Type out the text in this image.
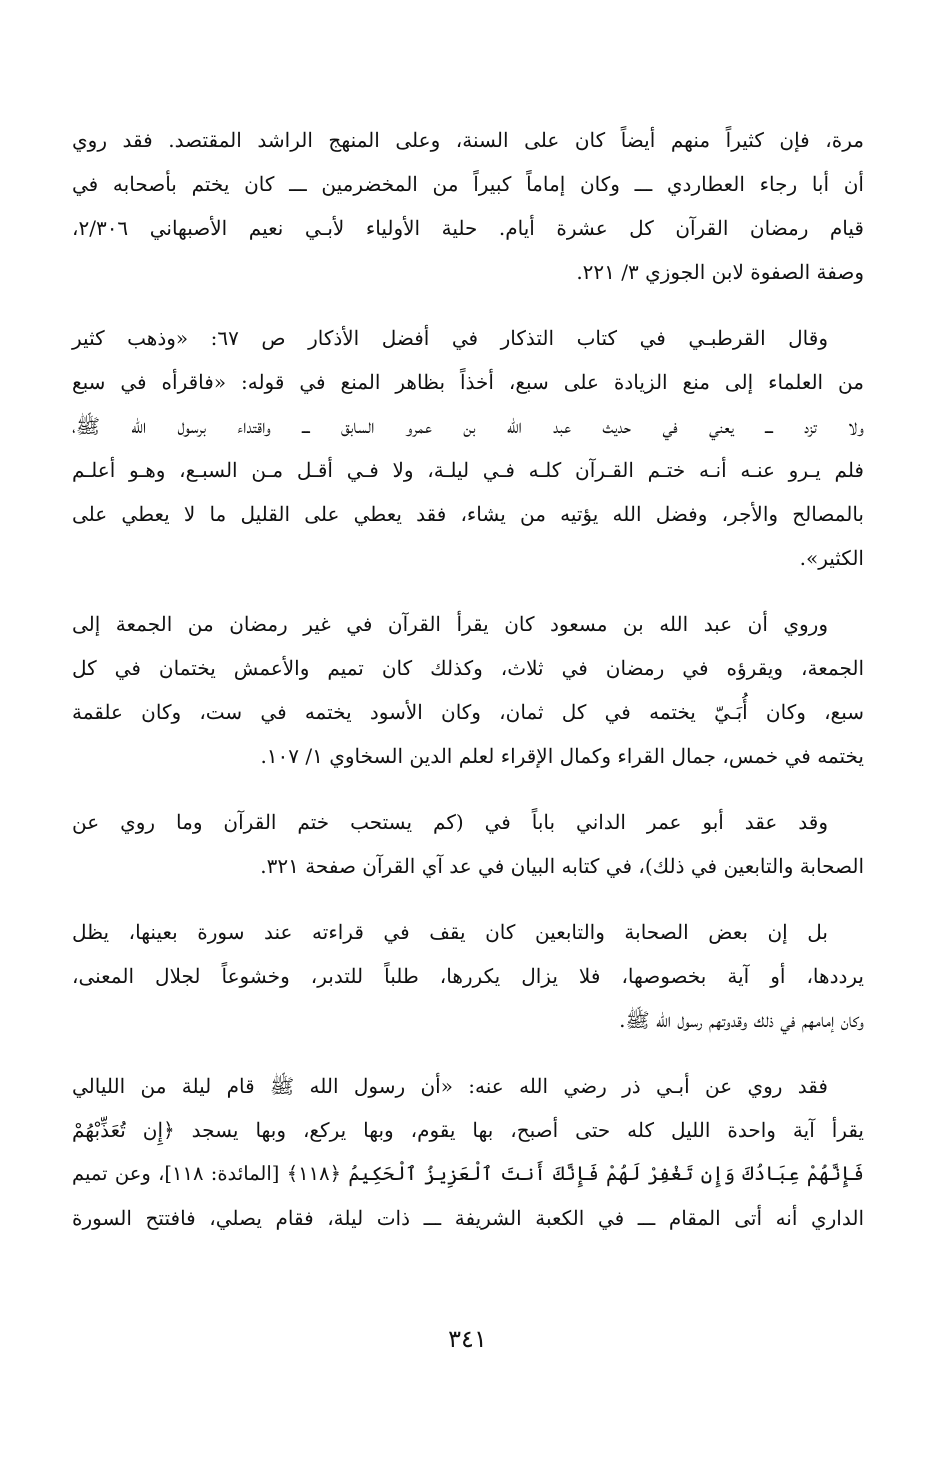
مرة، فإن كثيراً منهم أيضاً كان على السنة، وعلى المنهج الراشد المقتصد. فقد روي
أن أبا رجاء العطاردي ـــ وكان إماماً كبيراً من المخضرمين ـــ كان يختم بأصحابه في
قيام رمضان القرآن كل عشرة أيام. حلية الأولياء لأبـي نعيم الأصبهاني ٢/٣٠٦،
وصفة الصفوة لابن الجوزي ٣/ ٢٢١.
وقال القرطبـي في كتاب التذكار في أفضل الأذكار ص ٦٧: «وذهب كثير
من العلماء إلى منع الزيادة على سبع، أخذاً بظاهر المنع في قوله: «فاقرأه في سبع
ولا تزد ـــ يعني في حديث عبد الله بن عمرو السابق ـــ واقتداء برسول الله ﷺ،
فلم يـرو عنـه أنـه ختـم القـرآن كلـه فـي ليلـة، ولا فـي أقـل مـن السبـع، وهـو أعلـم
بالمصالح والأجر، وفضل الله يؤتيه من يشاء، فقد يعطي على القليل ما لا يعطي على
الكثير».
وروي أن عبد الله بن مسعود كان يقرأ القرآن في غير رمضان من الجمعة إلى
الجمعة، ويقرؤه في رمضان في ثلاث، وكذلك كان تميم والأعمش يختمان في كل
سبع، وكان أُبَـيّ يختمه في كل ثمان، وكان الأسود يختمه في ست، وكان علقمة
يختمه في خمس، جمال القراء وكمال الإقراء لعلم الدين السخاوي ١/ ١٠٧.
وقد عقد أبو عمر الداني باباً في (كم يستحب ختم القرآن وما روي عن
الصحابة والتابعين في ذلك)، في كتابه البيان في عد آي القرآن صفحة ٣٢١.
بل إن بعض الصحابة والتابعين كان يقف في قراءته عند سورة بعينها، يظل
يرددها، أو آية بخصوصها، فلا يزال يكررها، طلباً للتدبر، وخشوعاً لجلال المعنى،
وكان إمامهم في ذلك وقدوتهم رسول الله ﷺ.
فقد روي عن أبـي ذر رضي الله عنه: «أن رسول الله ﷺ قام ليلة من الليالي
يقرأ آية واحدة الليل كله حتى أصبح، بها يقوم، وبها يركع، وبها يسجد ﴿إِن تُعَذِّبْهُمْ
فَإِنَّهُمْ عِبَادُكَ وَإِن تَغْفِرْ لَهُمْ فَإِنَّكَ أَنتَ ٱلْعَزِيزُ ٱلْحَكِيمُ ﴿١١٨﴾ [المائدة: ١١٨]، وعن تميم
الداري أنه أتى المقام ـــ في الكعبة الشريفة ـــ ذات ليلة، فقام يصلي، فافتتح السورة
٣٤١
